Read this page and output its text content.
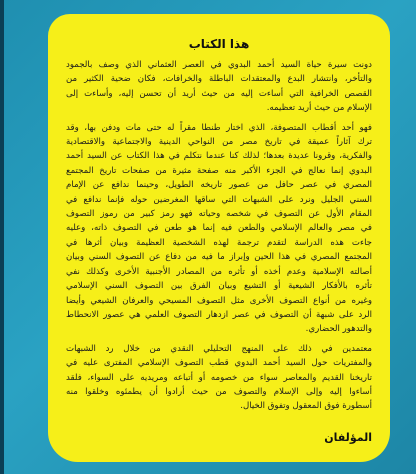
هذا الكتاب
دونت سيرة حياة السيد أحمد البدوي في العصر العثماني الذي وصف بالجمود
والتأخر، وانتشار البدع والمعتقدات الباطلة والخرافات، فكان ضحية الكثير من
القصص الخرافية التي أساءت إليه من حيث أريد أن تحسن إليه، وأساءت إلى
الإسلام من حيث أريد تعظيمه.
فهو أحد أقطاب المتصوفة، الذي اختار طنطا مقراً له حتى مات ودفن بها، وقد
ترك آثاراً عميقة في تاريخ مصر من النواحي الدينية والاجتماعية والاقتصادية
والفكرية، وقرونا عديدة بعدها؛ لذلك كنا عندما نتكلم في هذا الكتاب عن السيد أحمد
البدوي إنما نعالج في الجزء الأكبر منه صفحة مثيرة من صفحات تاريخ المجتمع
المصري في عصر حافل من عصور تاريخه الطويل، وحينما ندافع عن الإمام
السني الجليل ونرد على الشبهات التي ساقها المغرضين حوله فإنما ندافع في
المقام الأول عن التصوف في شخصه وحياته فهو رمز كبير من رموز التصوف
في مصر والعالم الإسلامي والطعن فيه إنما هو طعن في التصوف ذاته، وعليه
جاءت هذه الدراسة لتقدم ترجمة لهذه الشخصية العظيمة وبيان أثرها في
المجتمع المصري في هذا الحين وإبراز ما فيه من دفاع عن التصوف السني وبيان
أصالته الإسلامية وعدم أخذه أو تأثره من المصادر الأجنبية الأخرى وكذلك نفي
تأثره بالأفكار الشيعية أو التشيع وبيان الفرق بين التصوف السني الإسلامي
وغيره من أنواع التصوف الأخرى مثل التصوف المسيحي والعرفان الشيعي وأيضا
الرد على شبهة أن التصوف في عصر ازدهار التصوف العلمي هي عصور الانحطاط
والتدهور الحضاري.
معتمدين في ذلك على المنهج التحليلي النقدي من خلال رد الشبهات
والمفتريات حول السيد أحمد البدوي قطب التصوف الإسلامي المفترى عليه في
تاريخنا القديم والمعاصر سواء من خصومه أو أتباعه ومريديه على السواء، فلقد
أساءوا إليه وإلى الإسلام والتصوف من حيث أرادوا أن يطمئوه وخلقوا منه
أسطورة فوق المعقول وتفوق الخيال.
المؤلفان
